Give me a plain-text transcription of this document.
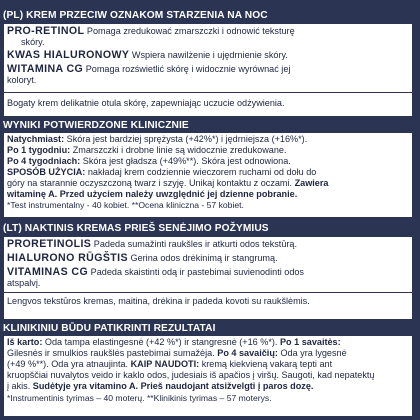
(PL) KREM PRZECIW OZNAKOM STARZENIA NA NOC
PRO-RETINOL Pomaga zredukować zmarszczki i odnowić teksturę
skóry.
KWAS HIALURONOWY Wspiera nawilżenie i ujędrnienie skóry.
WITAMINA CG Pomaga rozświetlić skórę i widocznie wyrównać jej
koloryt.
Bogaty krem delikatnie otula skórę, zapewniając uczucie odżywienia.
WYNIKI POTWIERDZONE KLINICZNIE
Natychmiast: Skóra jest bardziej sprężysta (+42%*) i jędrniejsza (+16%*).
Po 1 tygodniu: Zmarszczki i drobne linie są widocznie zredukowane.
Po 4 tygodniach: Skóra jest gładsza (+49%**). Skóra jest odnowiona.
SPOSÓB UŻYCIA: nakładaj krem codziennie wieczorem ruchami od dołu do
góry na starannie oczyszczoną twarz i szyję. Unikaj kontaktu z oczami. Zawiera
witaminę A. Przed użyciem należy uwzględnić jej dzienne pobranie.
*Test instrumentalny - 40 kobiet. **Ocena kliniczna - 57 kobiet.
(LT) NAKTINIS KREMAS PRIEŠ SENĖJIMO POŽYMIUS
PRORETINOLIS Padeda sumažinti raukšles ir atkurti odos tekstūrą.
HIALURONO RŪGŠTIS Gerina odos drėkinimą ir stangrumą.
VITAMINAS CG Padeda skaistinti odą ir pastebimai suvienodinti odos
atspalvį.
Lengvos tekstūros kremas, maitina, drėkina ir padeda kovoti su raukšlėmis.
KLINIKINIU BŪDU PATIKRINTI REZULTATAI
Iš karto: Oda tampa elastingesnė (+42 %*) ir stangresnė (+16 %*). Po 1 savaitės:
Gilesnės ir smulkios raukšlės pastebimai sumažėja. Po 4 savaičių: Oda yra lygesnė
(+49 %**). Oda yra atnaujinta. KAIP NAUDOTI: kremą kiekvieną vakarą tepti ant
kruopščiai nuvalytos veido ir kaklo odos, judesiais iš apačios į viršų. Saugoti, kad nepatektų
į akis. Sudėtyje yra vitamino A. Prieš naudojant atsižvelgti į paros dozę.
*Instrumentinis tyrimas – 40 moterų. **Klinikinis tyrimas – 57 moterys.
